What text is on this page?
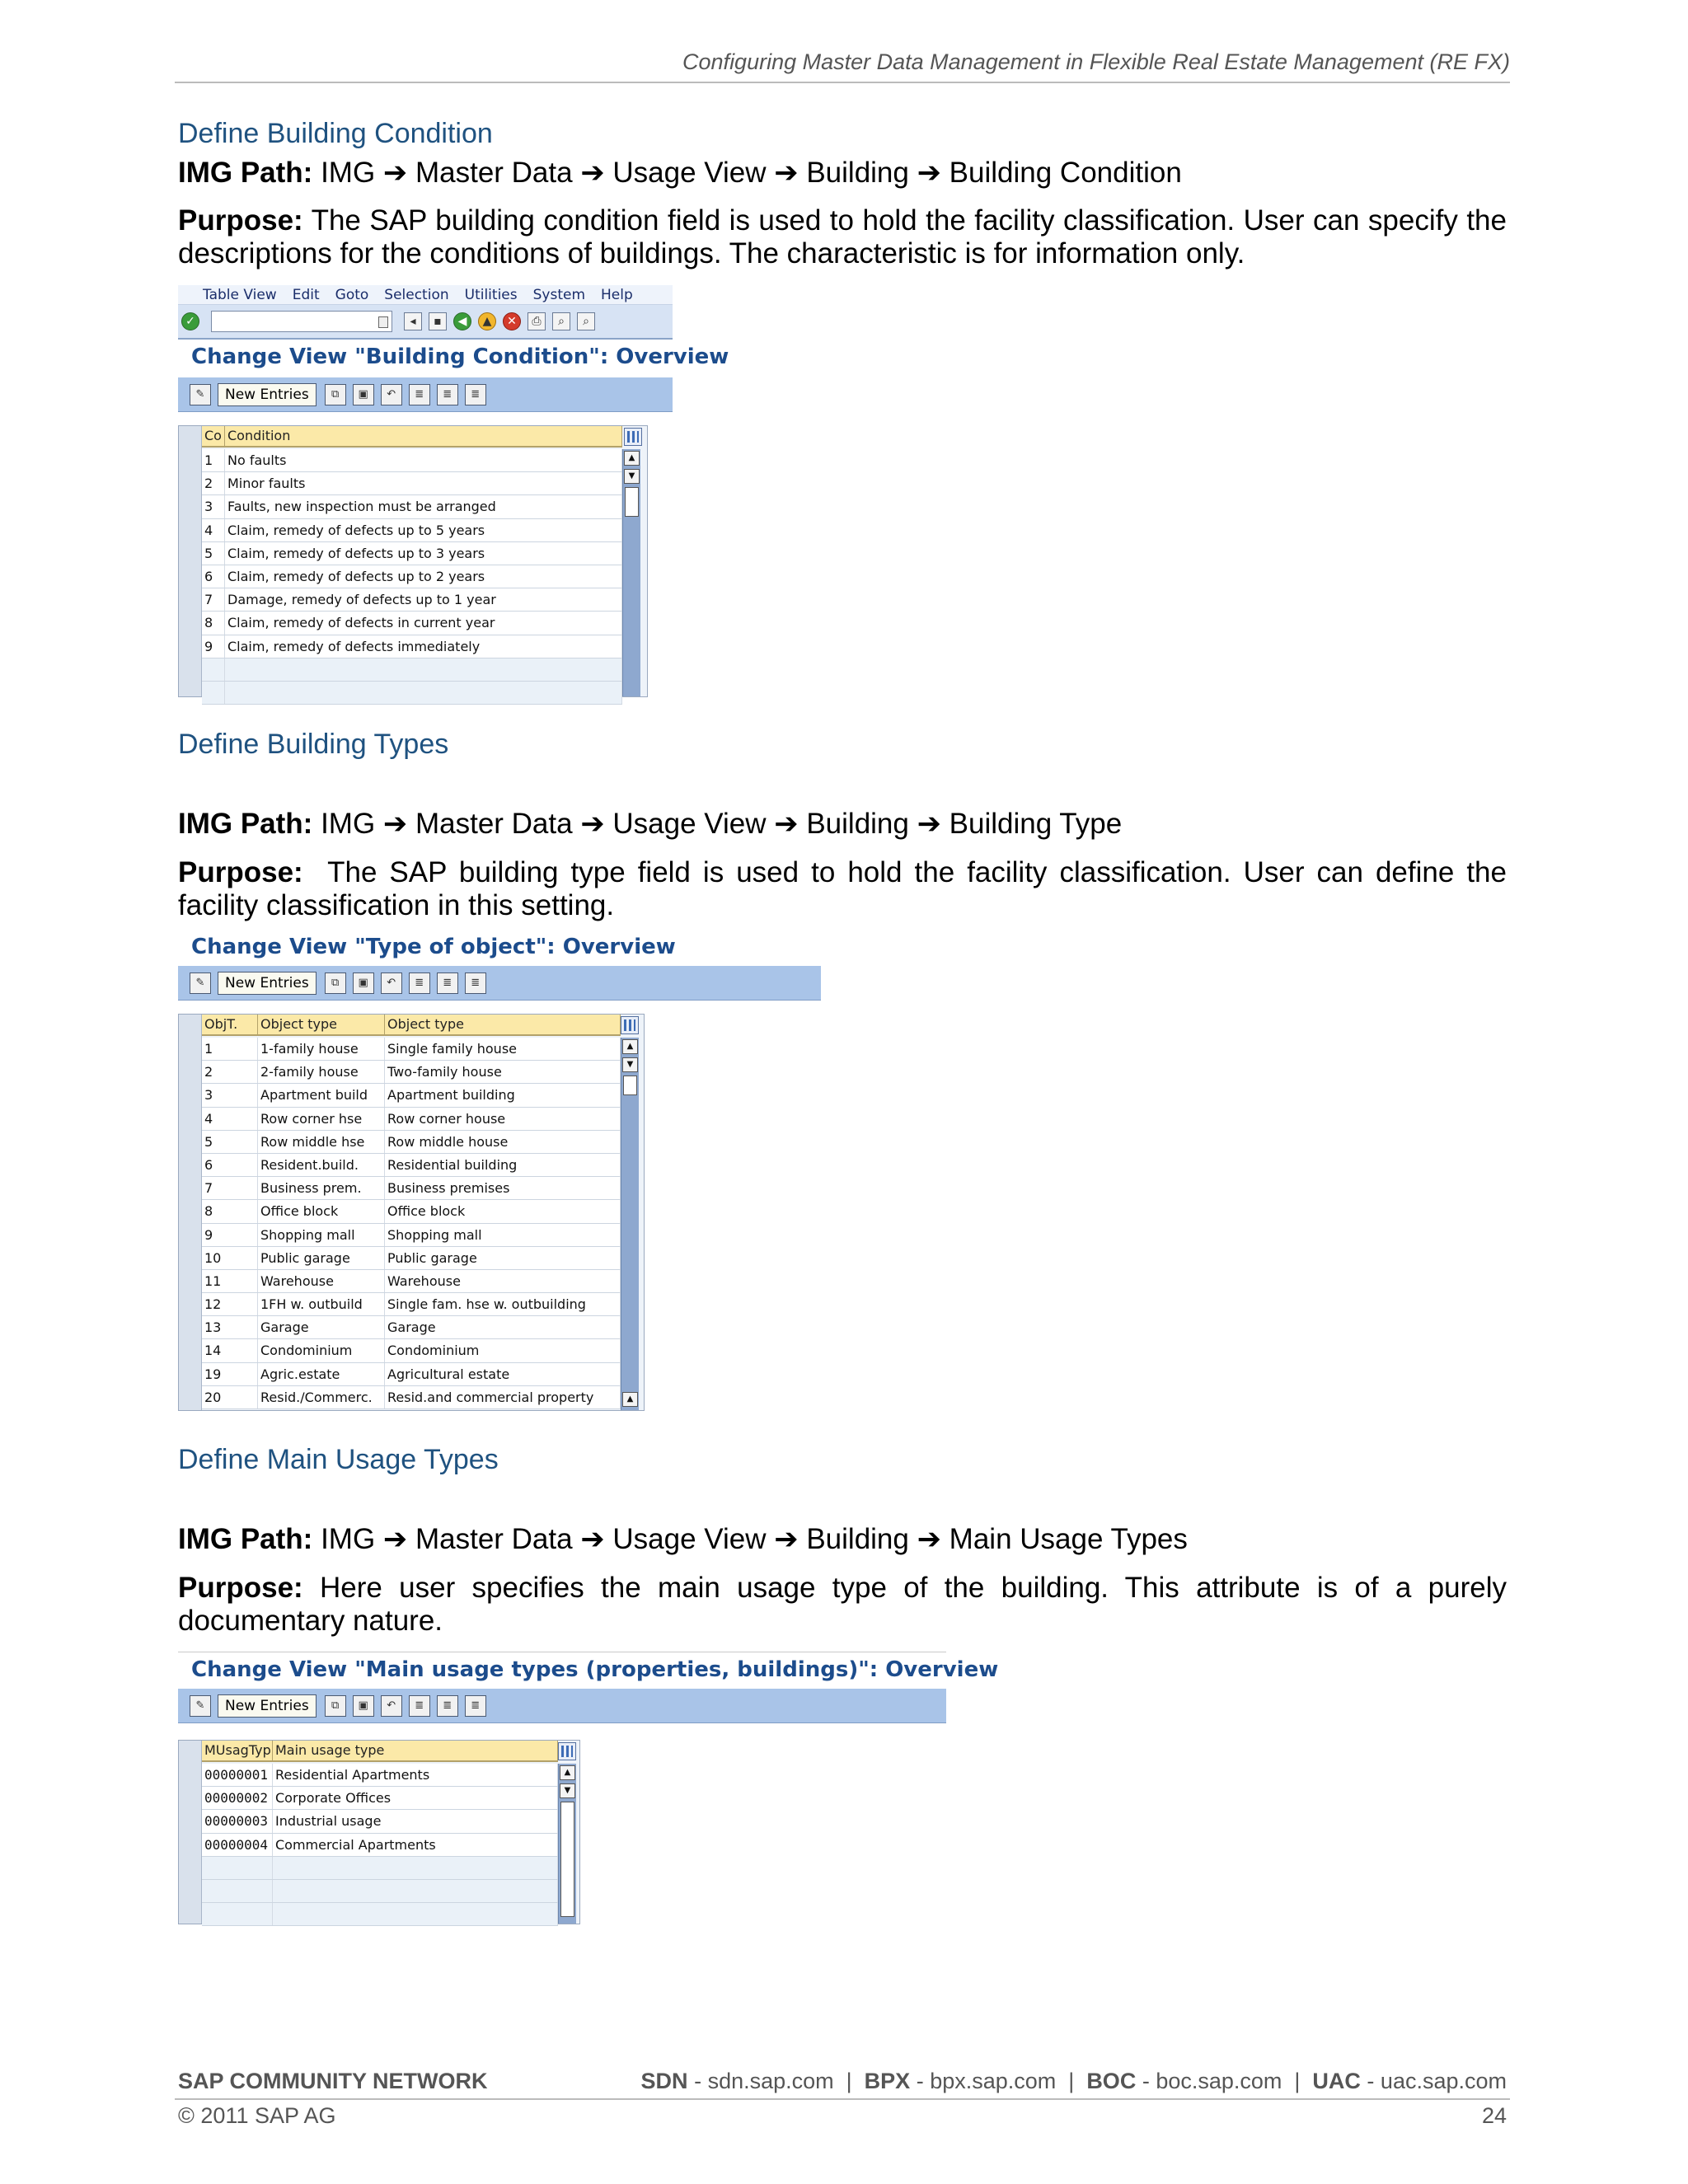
Configuring Master Data Management in Flexible Real Estate Management (RE FX)
Define Building Condition
IMG Path: IMG ➔ Master Data ➔ Usage View ➔ Building ➔ Building Condition
Purpose: The SAP building condition field is used to hold the facility classification. User can specify the descriptions for the conditions of buildings. The characteristic is for information only.
Table View Edit Goto Selection Utilities System Help
✓	◂	▪	◀	▲	✕	⎙	⌕	⌕
Change View "Building Condition": Overview
✎	New Entries	⧉	▣	↶	≣	≣	≣
Co Condition
1	No faults
2	Minor faults
3	Faults, new inspection must be arranged
4	Claim, remedy of defects up to 5 years
5	Claim, remedy of defects up to 3 years
6	Claim, remedy of defects up to 2 years
7	Damage, remedy of defects up to 1 year
8	Claim, remedy of defects in current year
9	Claim, remedy of defects immediately
▲
▼
Define Building Types
IMG Path: IMG ➔ Master Data ➔ Usage View ➔ Building ➔ Building Type
Purpose: The SAP building type field is used to hold the facility classification. User can define the facility classification in this setting.
Change View "Type of object": Overview
✎	New Entries	⧉	▣	↶	≣	≣	≣
ObjT.	Object type	Object type
1	1-family house	Single family house
2	2-family house	Two-family house
3	Apartment build	Apartment building
4	Row corner hse	Row corner house
5	Row middle hse	Row middle house
6	Resident.build.	Residential building
7	Business prem.	Business premises
8	Office block	Office block
9	Shopping mall	Shopping mall
10	Public garage	Public garage
11	Warehouse	Warehouse
12	1FH w. outbuild	Single fam. hse w. outbuilding
13	Garage	Garage
14	Condominium	Condominium
19	Agric.estate	Agricultural estate
20	Resid./Commerc.	Resid.and commercial property
▲
▼
▲
Define Main Usage Types
IMG Path: IMG ➔ Master Data ➔ Usage View ➔ Building ➔ Main Usage Types
Purpose: Here user specifies the main usage type of the building. This attribute is of a purely documentary nature.
Change View "Main usage types (properties, buildings)": Overview
✎	New Entries	⧉	▣	↶	≣	≣	≣
MUsagTyp Main usage type
00000001 Residential Apartments
00000002 Corporate Offices
00000003 Industrial usage
00000004 Commercial Apartments
▲
▼
SAP COMMUNITY NETWORK	SDN - sdn.sap.com  |  BPX - bpx.sap.com  |  BOC - boc.sap.com  |  UAC - uac.sap.com
© 2011 SAP AG	24
